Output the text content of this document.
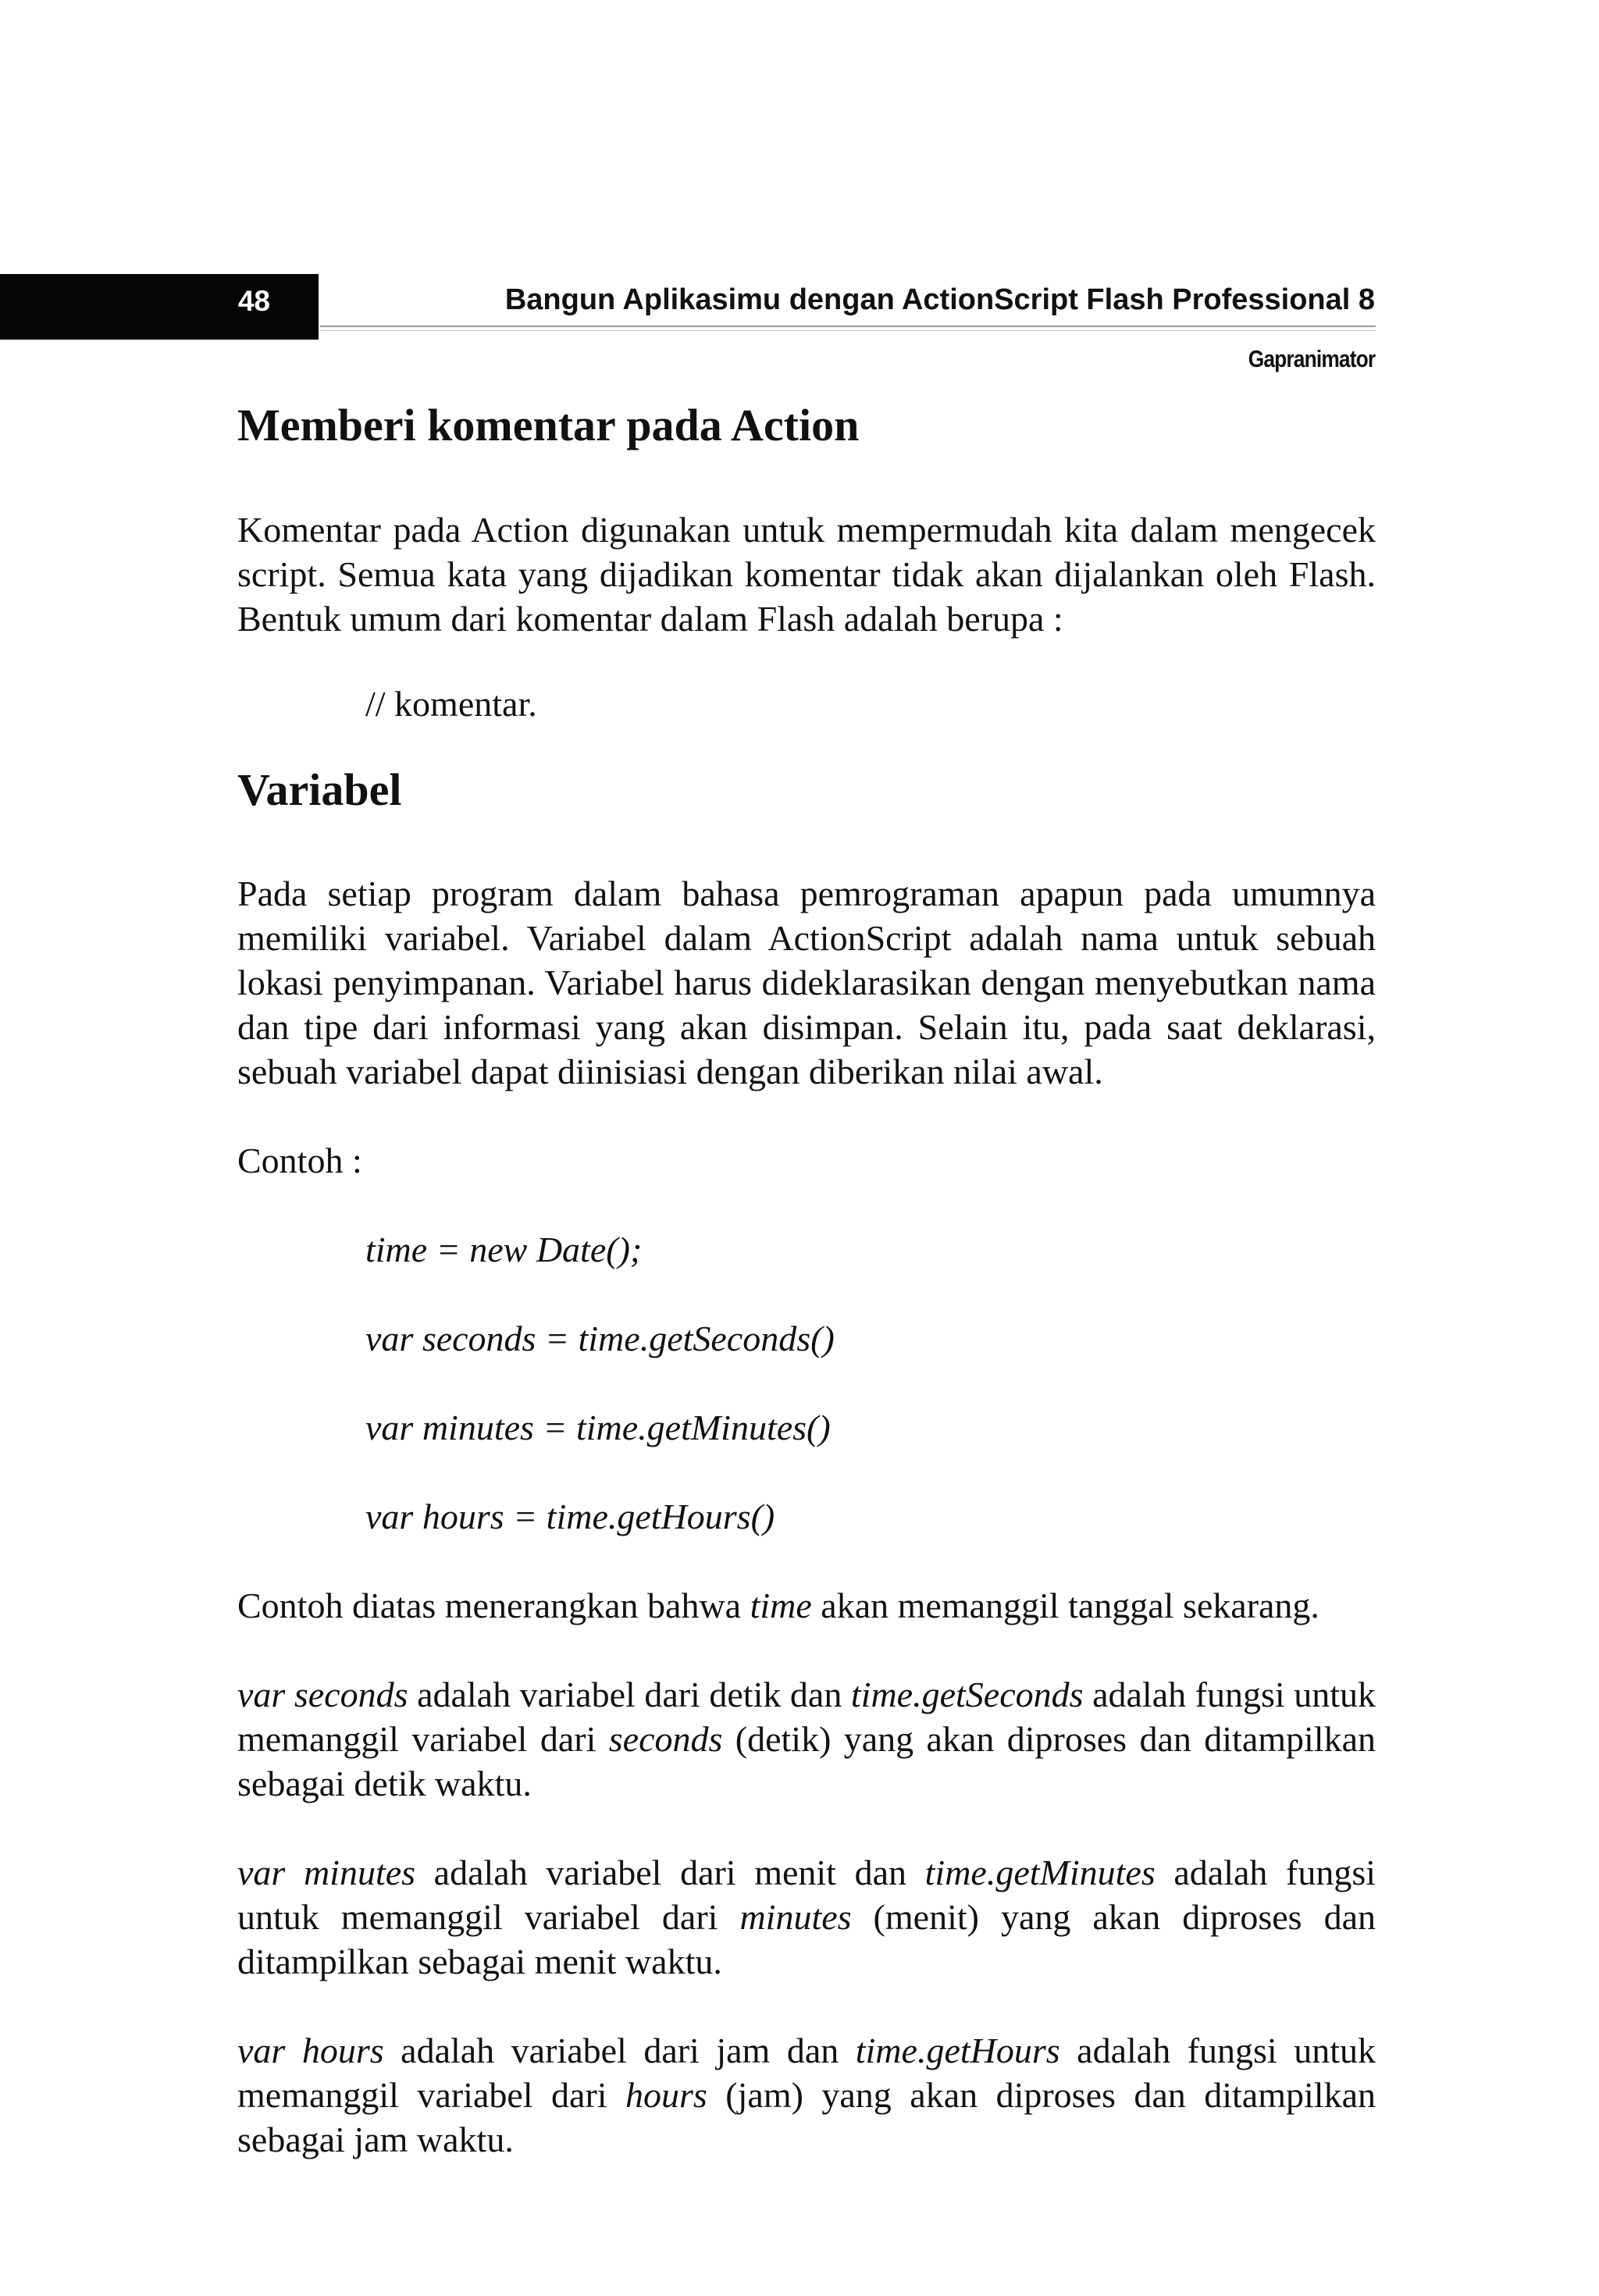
48	Bangun Aplikasimu dengan ActionScript Flash Professional 8
Gapranimator
Memberi komentar pada Action

Komentar pada Action digunakan untuk mempermudah kita dalam mengecek script. Semua kata yang dijadikan komentar tidak akan dijalankan oleh Flash. Bentuk umum dari komentar dalam Flash adalah berupa :

// komentar.
Variabel

Pada setiap program dalam bahasa pemrograman apapun pada umumnya memiliki variabel. Variabel dalam ActionScript adalah nama untuk sebuah lokasi penyimpanan. Variabel harus dideklarasikan dengan menyebutkan nama dan tipe dari informasi yang akan disimpan. Selain itu, pada saat deklarasi, sebuah variabel dapat diinisiasi dengan diberikan nilai awal.

Contoh :

time = new Date();
var seconds = time.getSeconds()
var minutes = time.getMinutes()
var hours = time.getHours()

Contoh diatas menerangkan bahwa time akan memanggil tanggal sekarang.

var seconds adalah variabel dari detik dan time.getSeconds adalah fungsi untuk memanggil variabel dari seconds (detik) yang akan diproses dan ditampilkan sebagai detik waktu.

var minutes adalah variabel dari menit dan time.getMinutes adalah fungsi untuk memanggil variabel dari minutes (menit) yang akan diproses dan ditampilkan sebagai menit waktu.

var hours adalah variabel dari jam dan time.getHours adalah fungsi untuk memanggil variabel dari hours (jam) yang akan diproses dan ditampilkan sebagai jam waktu.
